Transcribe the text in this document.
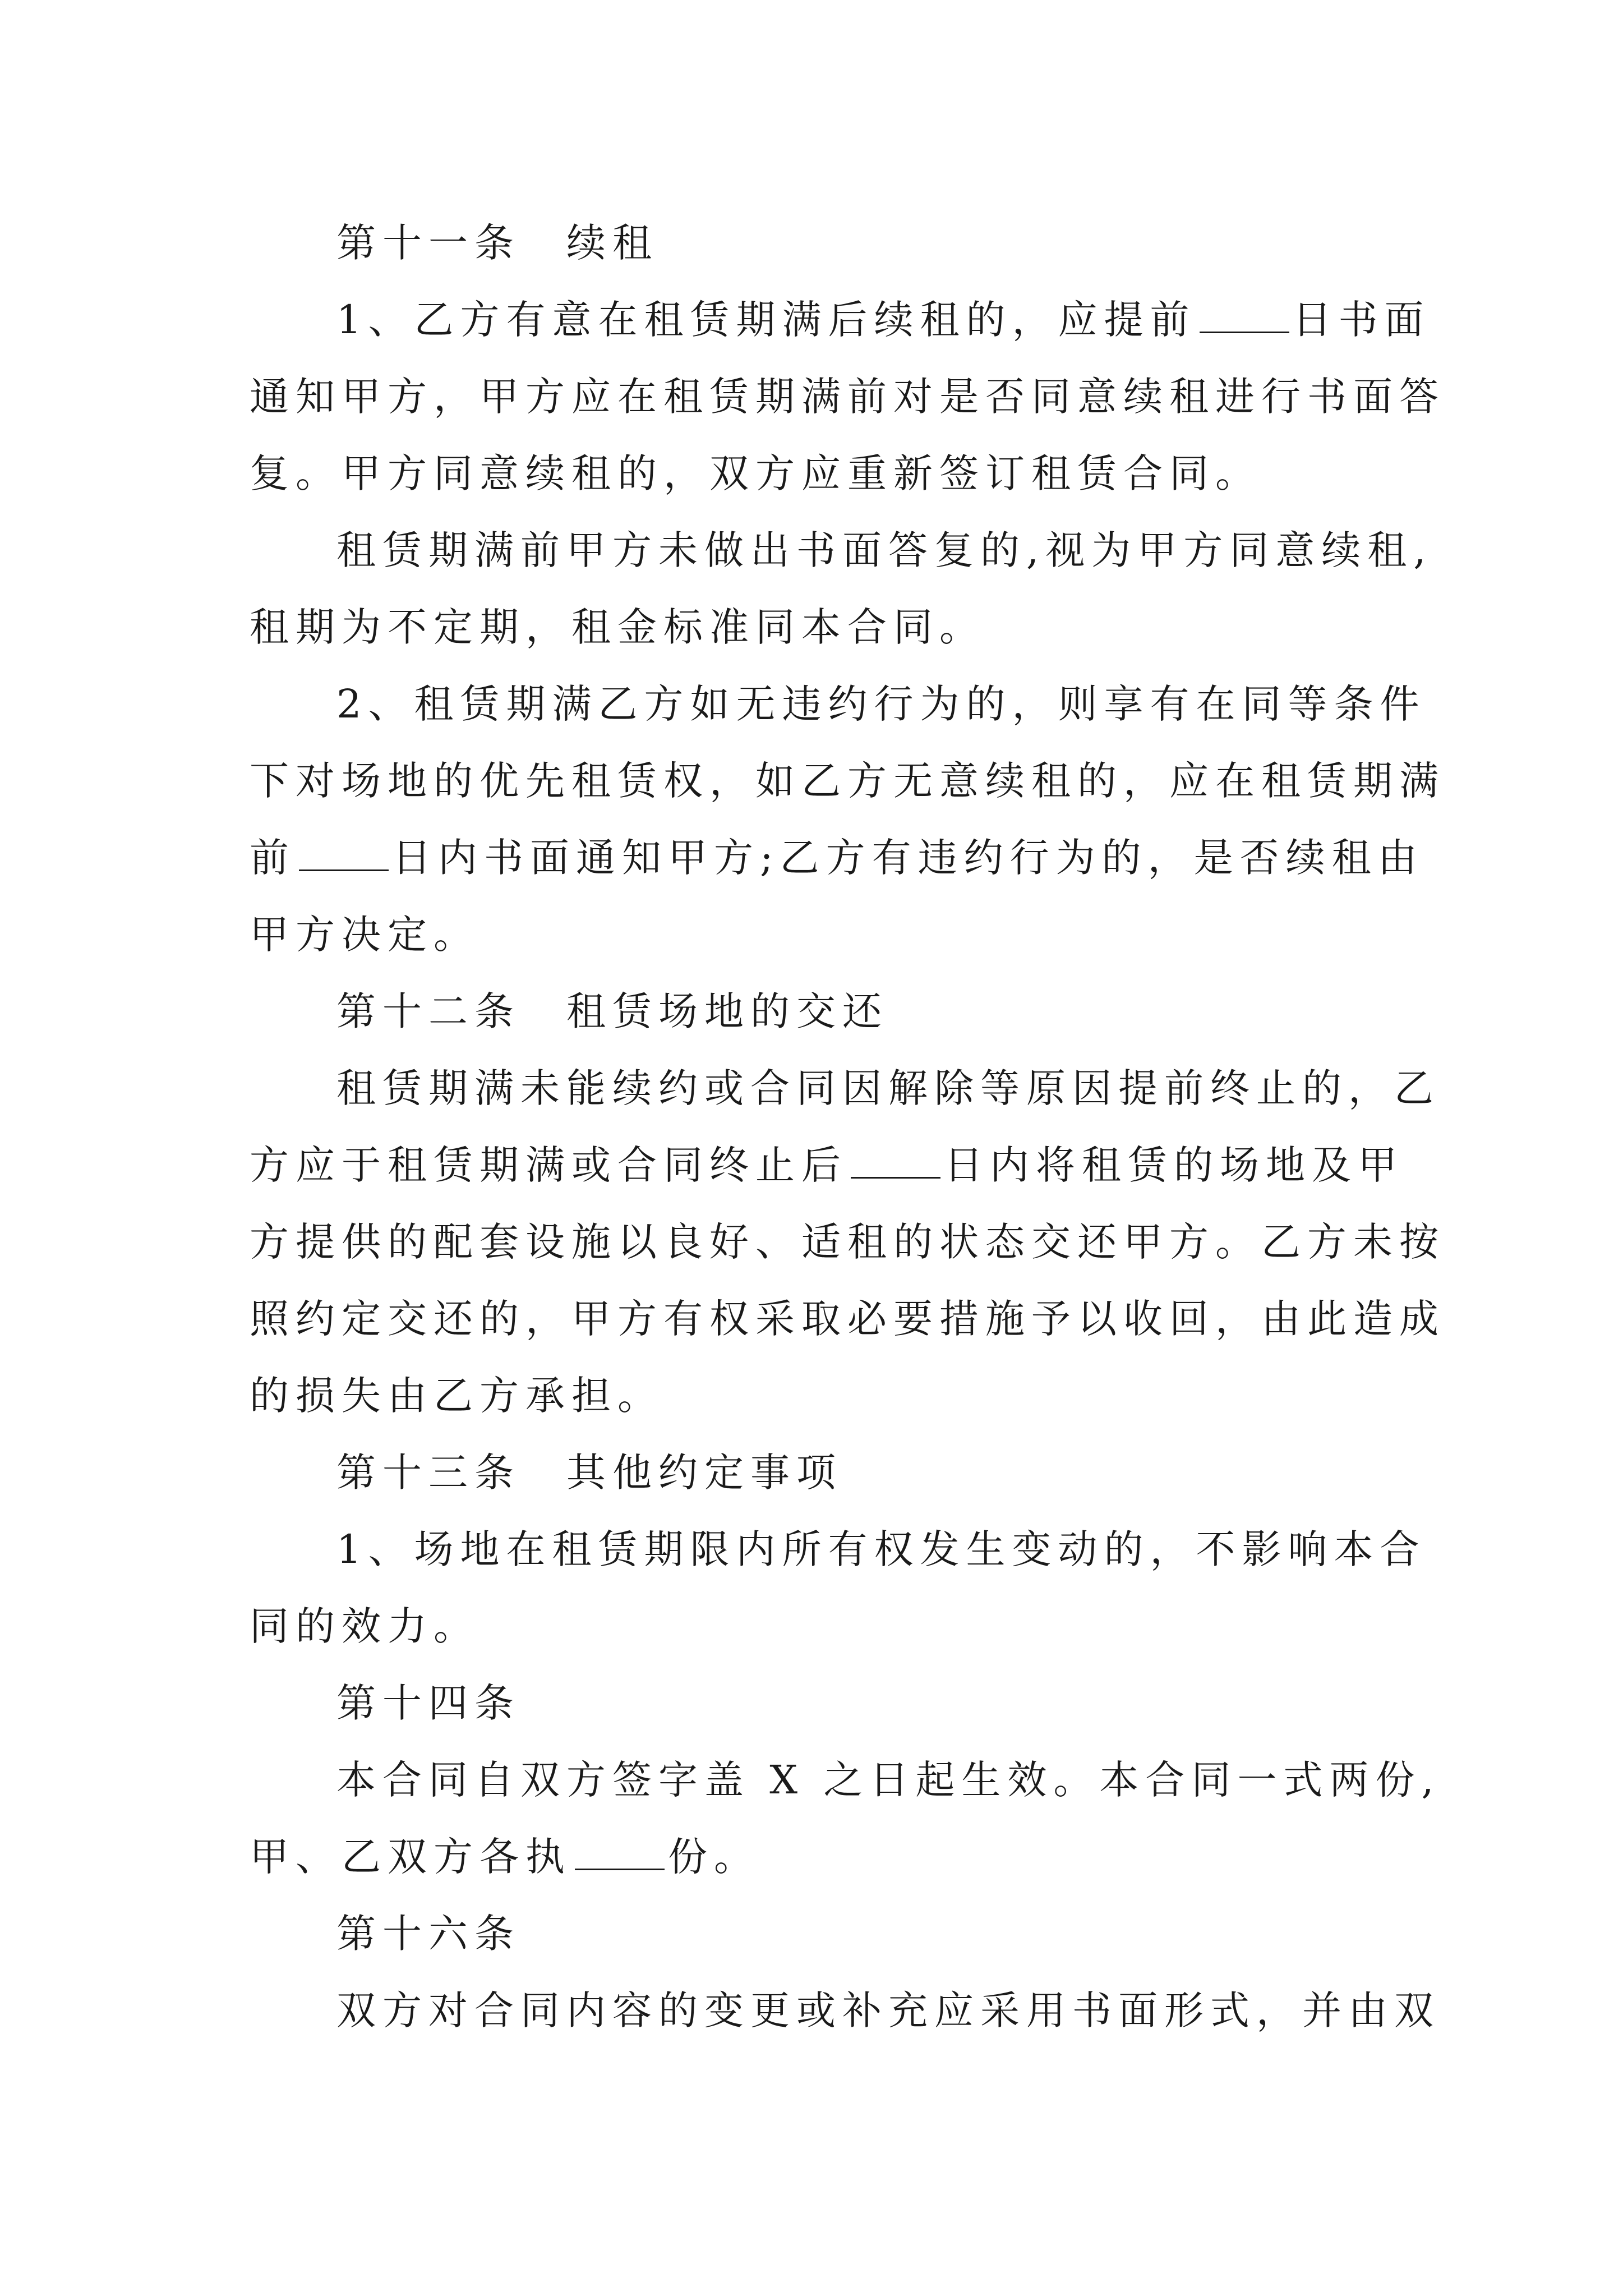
第十一条　续租

1、乙方有意在租赁期满后续租的，应提前 日书面

通知甲方，甲方应在租赁期满前对是否同意续租进行书面答

复。甲方同意续租的，双方应重新签订租赁合同。

租赁期满前甲方未做出书面答复的,视为甲方同意续租,

租期为不定期，租金标准同本合同。

2、租赁期满乙方如无违约行为的，则享有在同等条件

下对场地的优先租赁权，如乙方无意续租的，应在租赁期满

前 日内书面通知甲方;乙方有违约行为的，是否续租由

甲方决定。

第十二条　租赁场地的交还

租赁期满未能续约或合同因解除等原因提前终止的，乙

方应于租赁期满或合同终止后 日内将租赁的场地及甲

方提供的配套设施以良好、适租的状态交还甲方。乙方未按

照约定交还的，甲方有权采取必要措施予以收回，由此造成

的损失由乙方承担。

第十三条　其他约定事项

1、场地在租赁期限内所有权发生变动的，不影响本合

同的效力。

第十四条

本合同自双方签字盖 X 之日起生效。本合同一式两份,

甲、乙双方各执 份。

第十六条

双方对合同内容的变更或补充应采用书面形式，并由双
